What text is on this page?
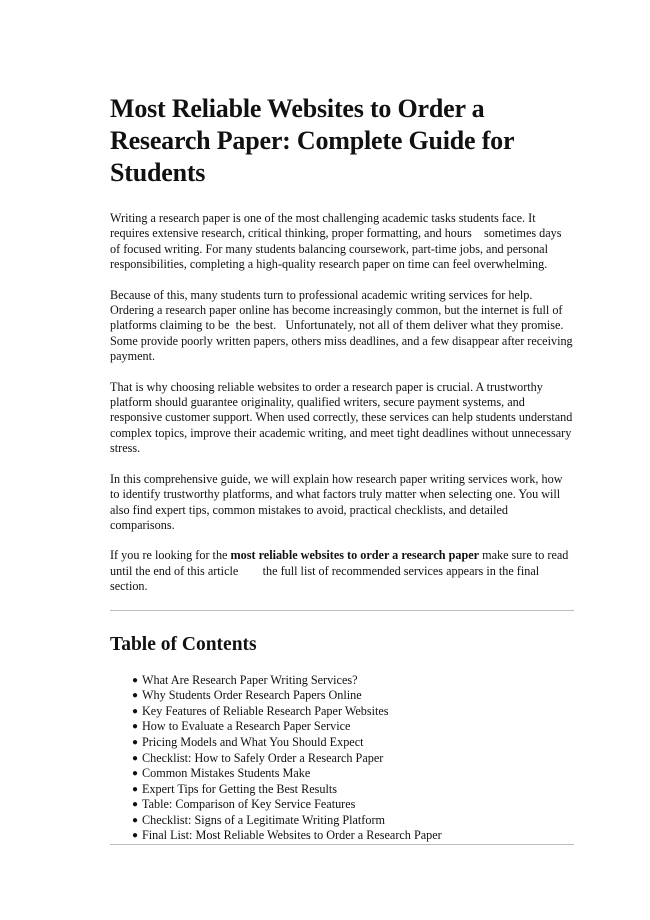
Most Reliable Websites to Order a Research Paper: Complete Guide for Students

Writing a research paper is one of the most challenging academic tasks students face. It requires extensive research, critical thinking, proper formatting, and hours sometimes days of focused writing. For many students balancing coursework, part-time jobs, and personal responsibilities, completing a high-quality research paper on time can feel overwhelming.

Because of this, many students turn to professional academic writing services for help. Ordering a research paper online has become increasingly common, but the internet is full of platforms claiming to be the best.  Unfortunately, not all of them deliver what they promise. Some provide poorly written papers, others miss deadlines, and a few disappear after receiving payment.

That is why choosing reliable websites to order a research paper is crucial. A trustworthy platform should guarantee originality, qualified writers, secure payment systems, and responsive customer support. When used correctly, these services can help students understand complex topics, improve their academic writing, and meet tight deadlines without unnecessary stress.

In this comprehensive guide, we will explain how research paper writing services work, how to identify trustworthy platforms, and what factors truly matter when selecting one. You will also find expert tips, common mistakes to avoid, practical checklists, and detailed comparisons.

If you re looking for the most reliable websites to order a research paper make sure to read until the end of this article  the full list of recommended services appears in the final section.

Table of Contents
● What Are Research Paper Writing Services?
● Why Students Order Research Papers Online
● Key Features of Reliable Research Paper Websites
● How to Evaluate a Research Paper Service
● Pricing Models and What You Should Expect
● Checklist: How to Safely Order a Research Paper
● Common Mistakes Students Make
● Expert Tips for Getting the Best Results
● Table: Comparison of Key Service Features
● Checklist: Signs of a Legitimate Writing Platform
● Final List: Most Reliable Websites to Order a Research Paper
